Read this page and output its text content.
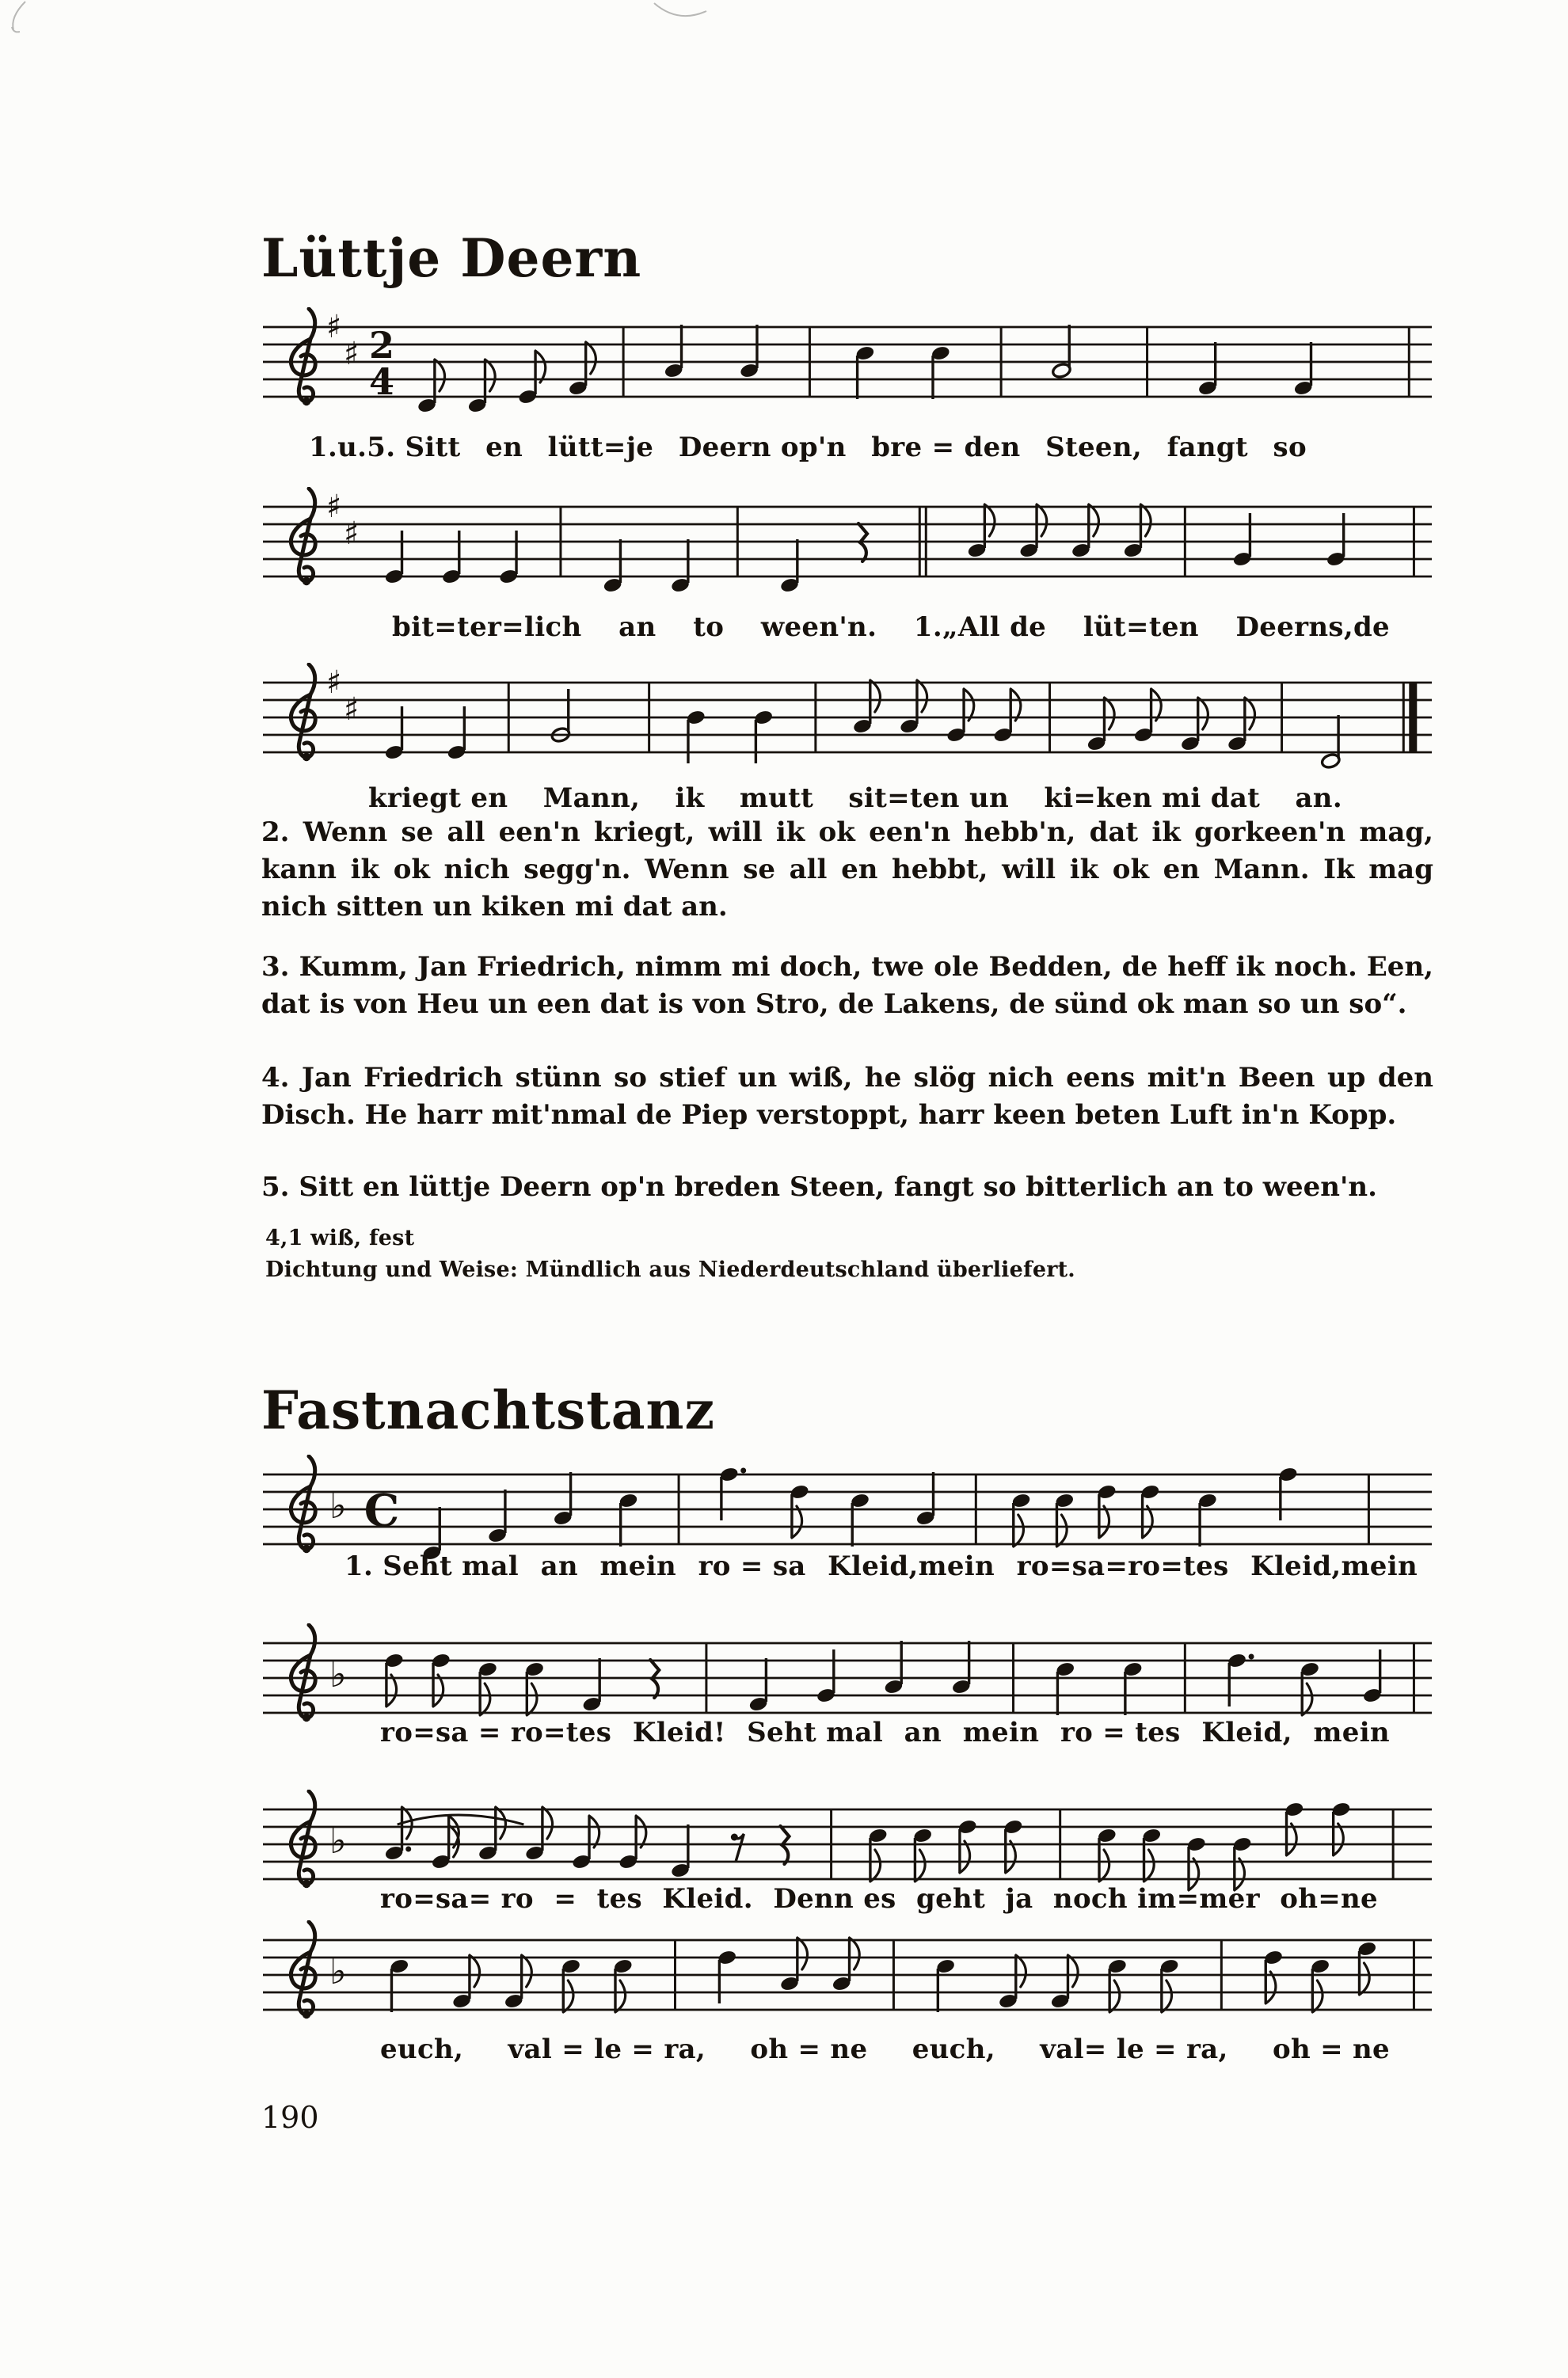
Lüttje Deern
♯
♯ 2
4
1.u.5. Sitt en lütt=je Deern op'n bre = den Steen, fangt so
♯
♯
bit=ter=lich an to ween'n. 1.„All de lüt=ten Deerns,de
♯
♯
kriegt en Mann, ik mutt sit=ten un ki=ken mi dat an.

2. Wenn se all een'n kriegt, will ik ok een'n hebb'n, dat ik gorkeen'n mag, kann ik ok nich segg'n. Wenn se all en hebbt, will ik ok en Mann. Ik mag nich sitten un kiken mi dat an.

3. Kumm, Jan Friedrich, nimm mi doch, twe ole Bedden, de heff ik noch. Een, dat is von Heu un een dat is von Stro, de Lakens, de sünd ok man so un so“.

4. Jan Friedrich stünn so stief un wiß, he slög nich eens mit'n Been up den Disch. He harr mit'nmal de Piep verstoppt, harr keen beten Luft in'n Kopp.

5. Sitt en lüttje Deern op'n breden Steen, fangt so bitterlich an to ween'n.

4,1 wiß, fest

Dichtung und Weise: Mündlich aus Niederdeutschland überliefert.

Fastnachtstanz
♭ C
1. Seht mal an mein ro = sa Kleid,mein ro=sa=ro=tes Kleid,mein
♭
ro=sa = ro=tes Kleid! Seht mal an mein ro = tes Kleid, mein
♭
ro=sa= ro = tes Kleid. Denn es geht ja noch im=mer oh=ne
♭
euch, val = le = ra, oh = ne euch, val= le = ra, oh = ne
190
